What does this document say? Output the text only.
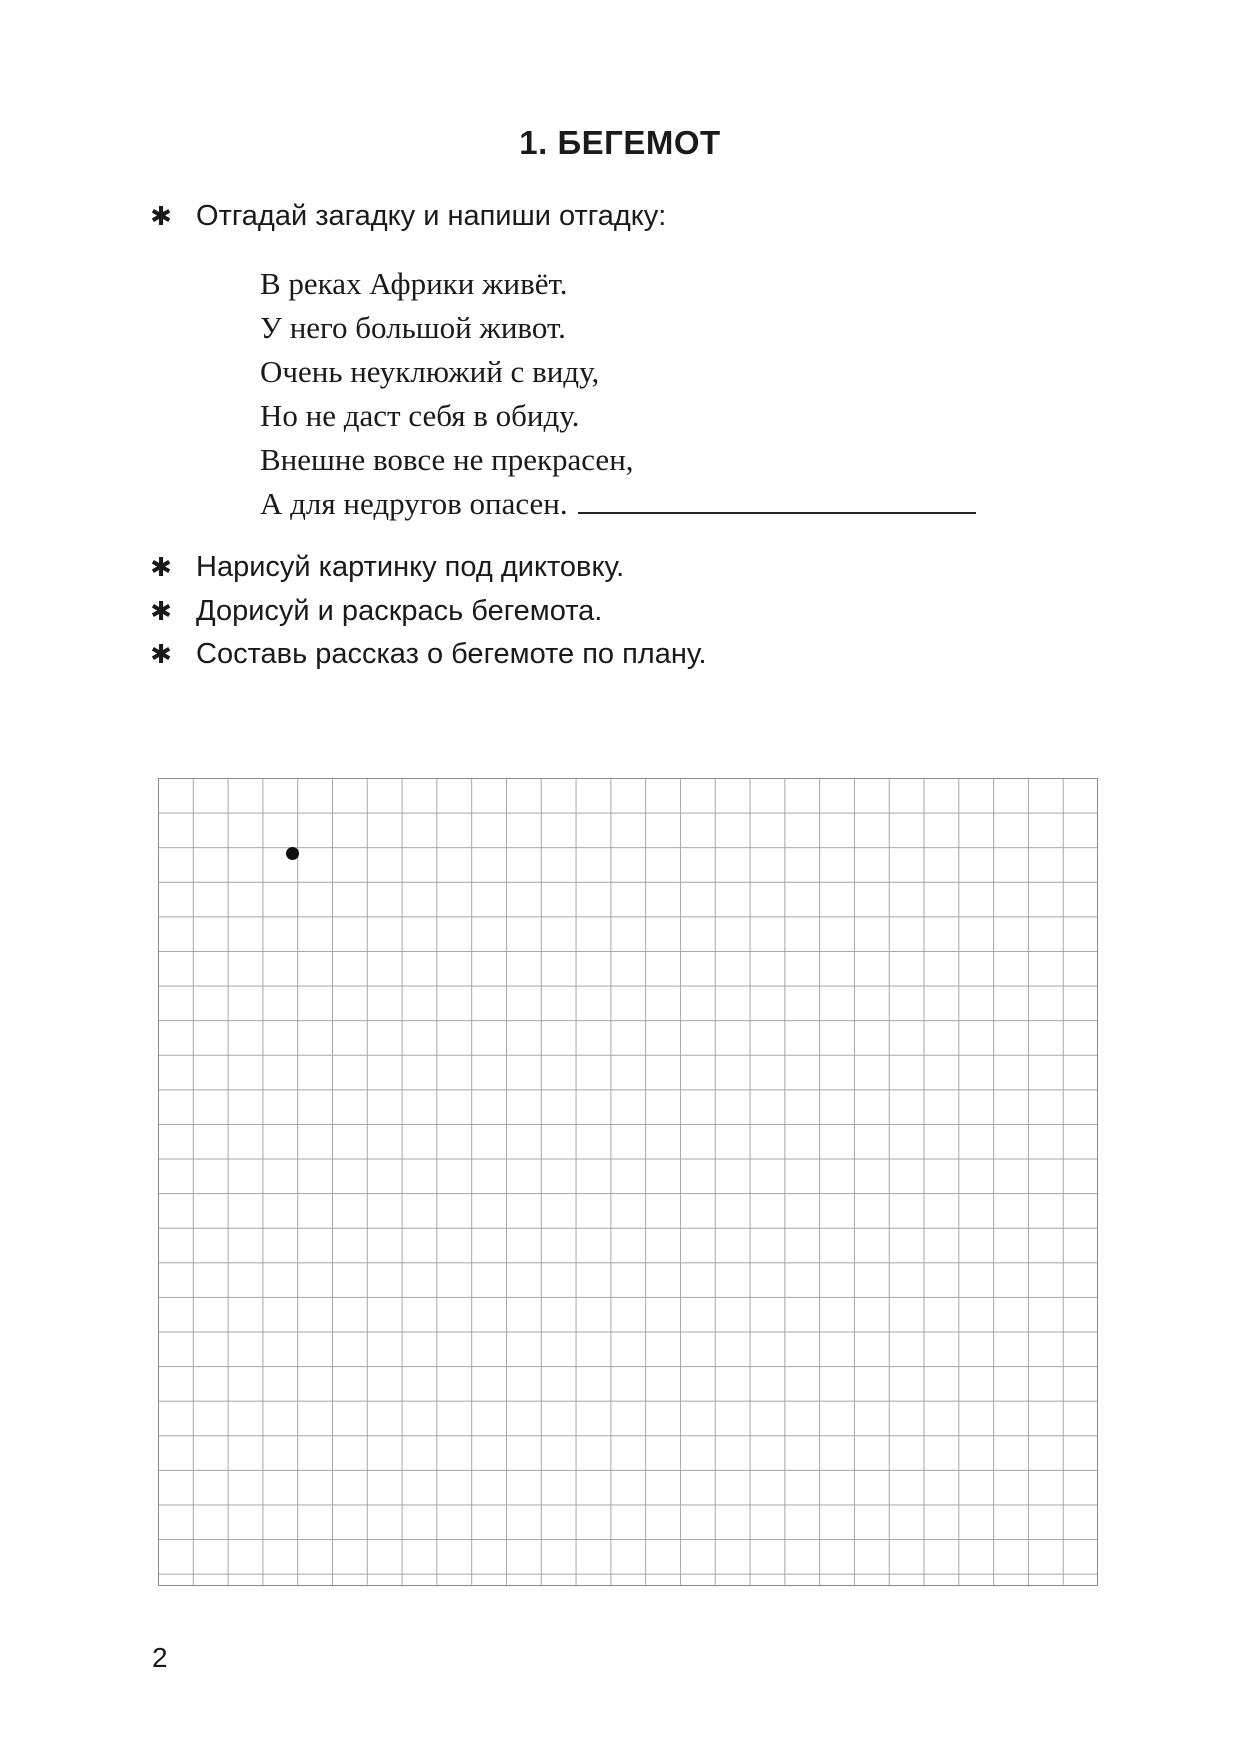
1. БЕГЕМОТ
✱ Отгадай загадку и напиши отгадку:
В реках Африки живёт.
У него большой живот.
Очень неуклюжий с виду,
Но не даст себя в обиду.
Внешне вовсе не прекрасен,
А для недругов опасен.
✱ Нарисуй картинку под диктовку.
✱ Дорисуй и раскрась бегемота.
✱ Составь рассказ о бегемоте по плану.
2
